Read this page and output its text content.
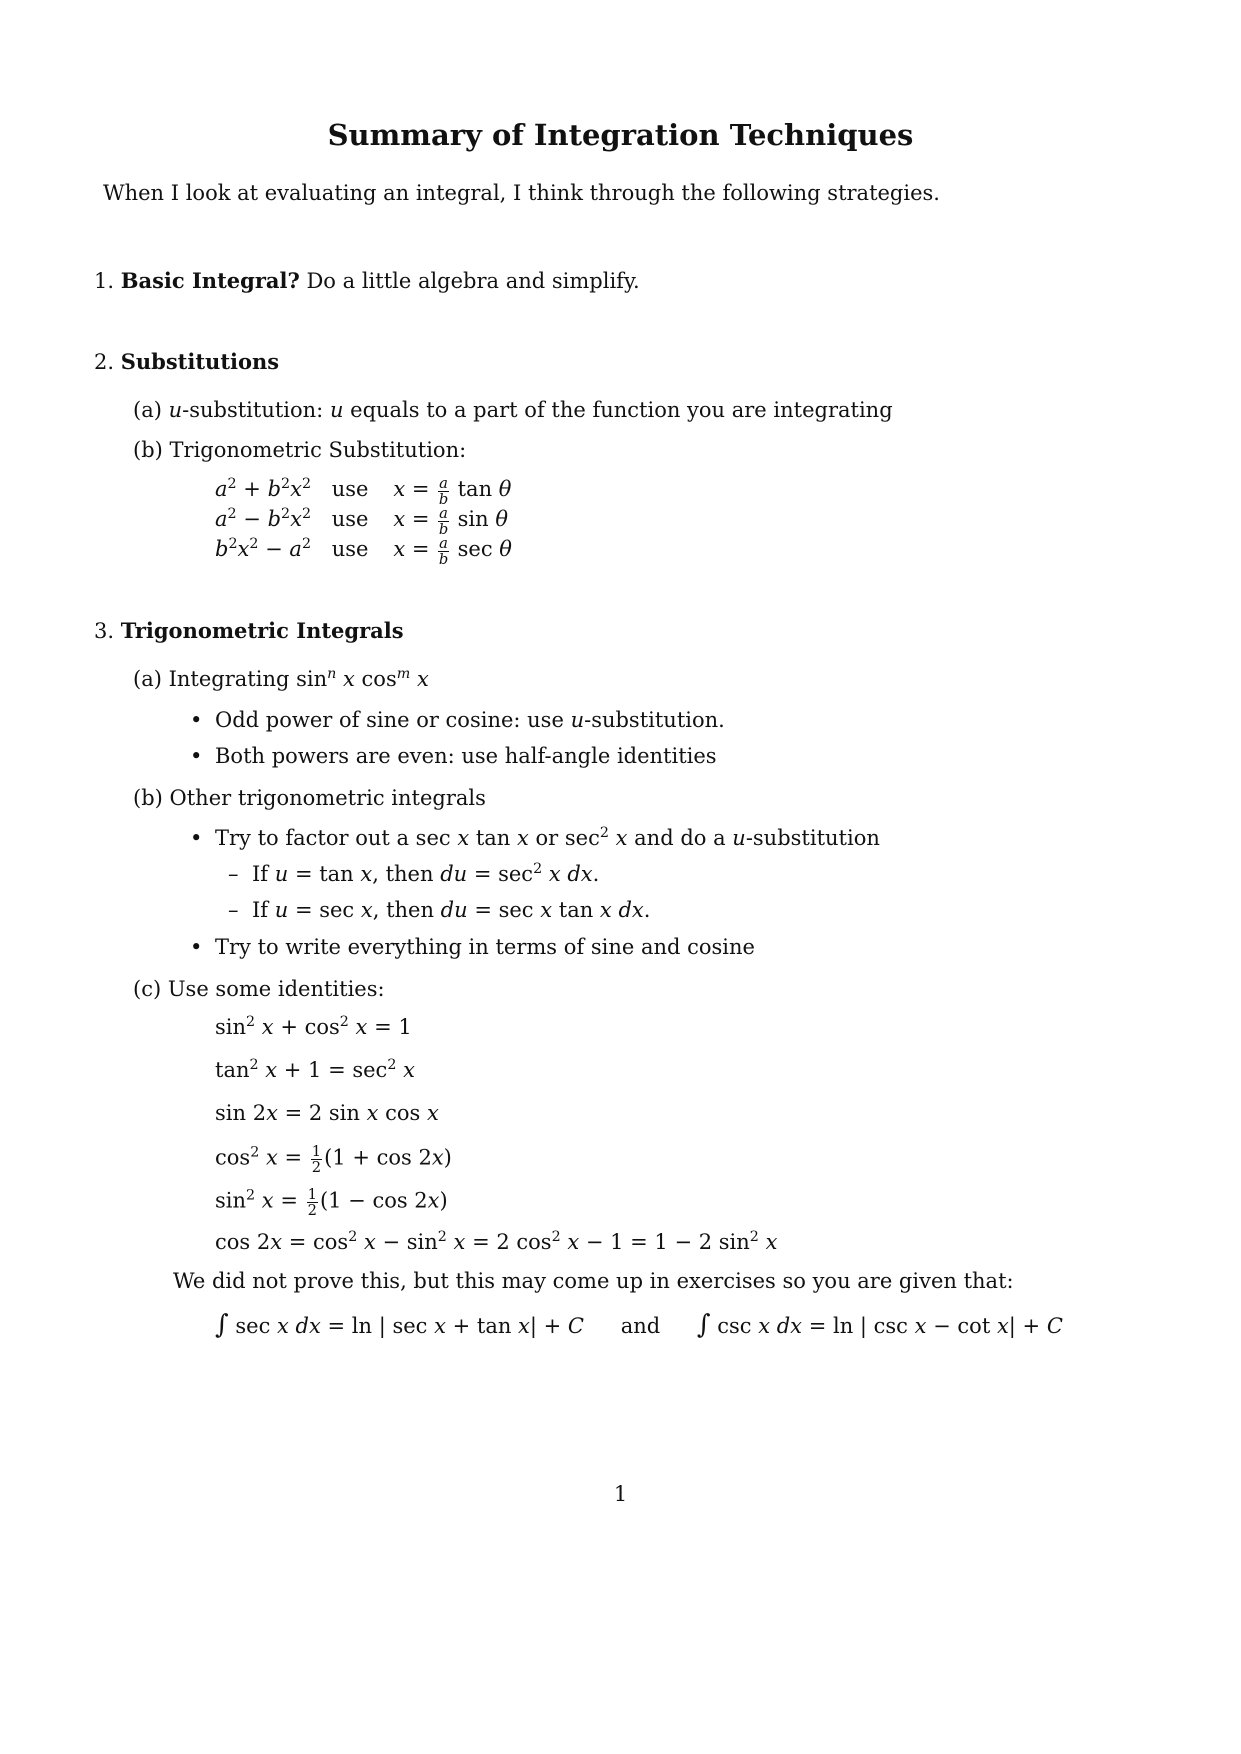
Summary of Integration Techniques
When I look at evaluating an integral, I think through the following strategies.
1. Basic Integral? Do a little algebra and simplify.
2. Substitutions
(a) u-substitution: u equals to a part of the function you are integrating
(b) Trigonometric Substitution:
$a^2 + b^2x^2$ use $x = \frac{a}{b}$ tan θ
$a^2 - b^2x^2$ use $x = \frac{a}{b}$ sin θ
$b^2x^2 - a^2$ use $x = \frac{a}{b}$ sec θ
3. Trigonometric Integrals
(a) Integrating $\sin^n x$ $\cos^m x$
• Odd power of sine or cosine: use u-substitution.
• Both powers are even: use half-angle identities
(b) Other trigonometric integrals
• Try to factor out a sec x tan x or $\sec^2 x$ and do a u-substitution
– If u = tan x, then du = $\sec^2 x$ dx.
– If u = sec x, then du = sec x tan x dx.
• Try to write everything in terms of sine and cosine
(c) Use some identities:
$\sin^2 x + \cos^2 x = 1$
$\tan^2 x + 1 = \sec^2 x$
sin 2x = 2 sin x cos x
$\cos^2 x = \frac{1}{2} (1 + \cos 2x)$
$\sin^2 x = \frac{1}{2} (1 - \cos 2x)$
$\cos 2x = \cos^2 x - \sin^2 x = 2$ $\cos^2 x - 1 = 1 - 2$ $\sin^2 x$
We did not prove this, but this may come up in exercises so you are given that:
∫ sec x dx = ln | sec x + tan x| + C and ∫ csc x dx = ln | csc x − cot x| + C
1
